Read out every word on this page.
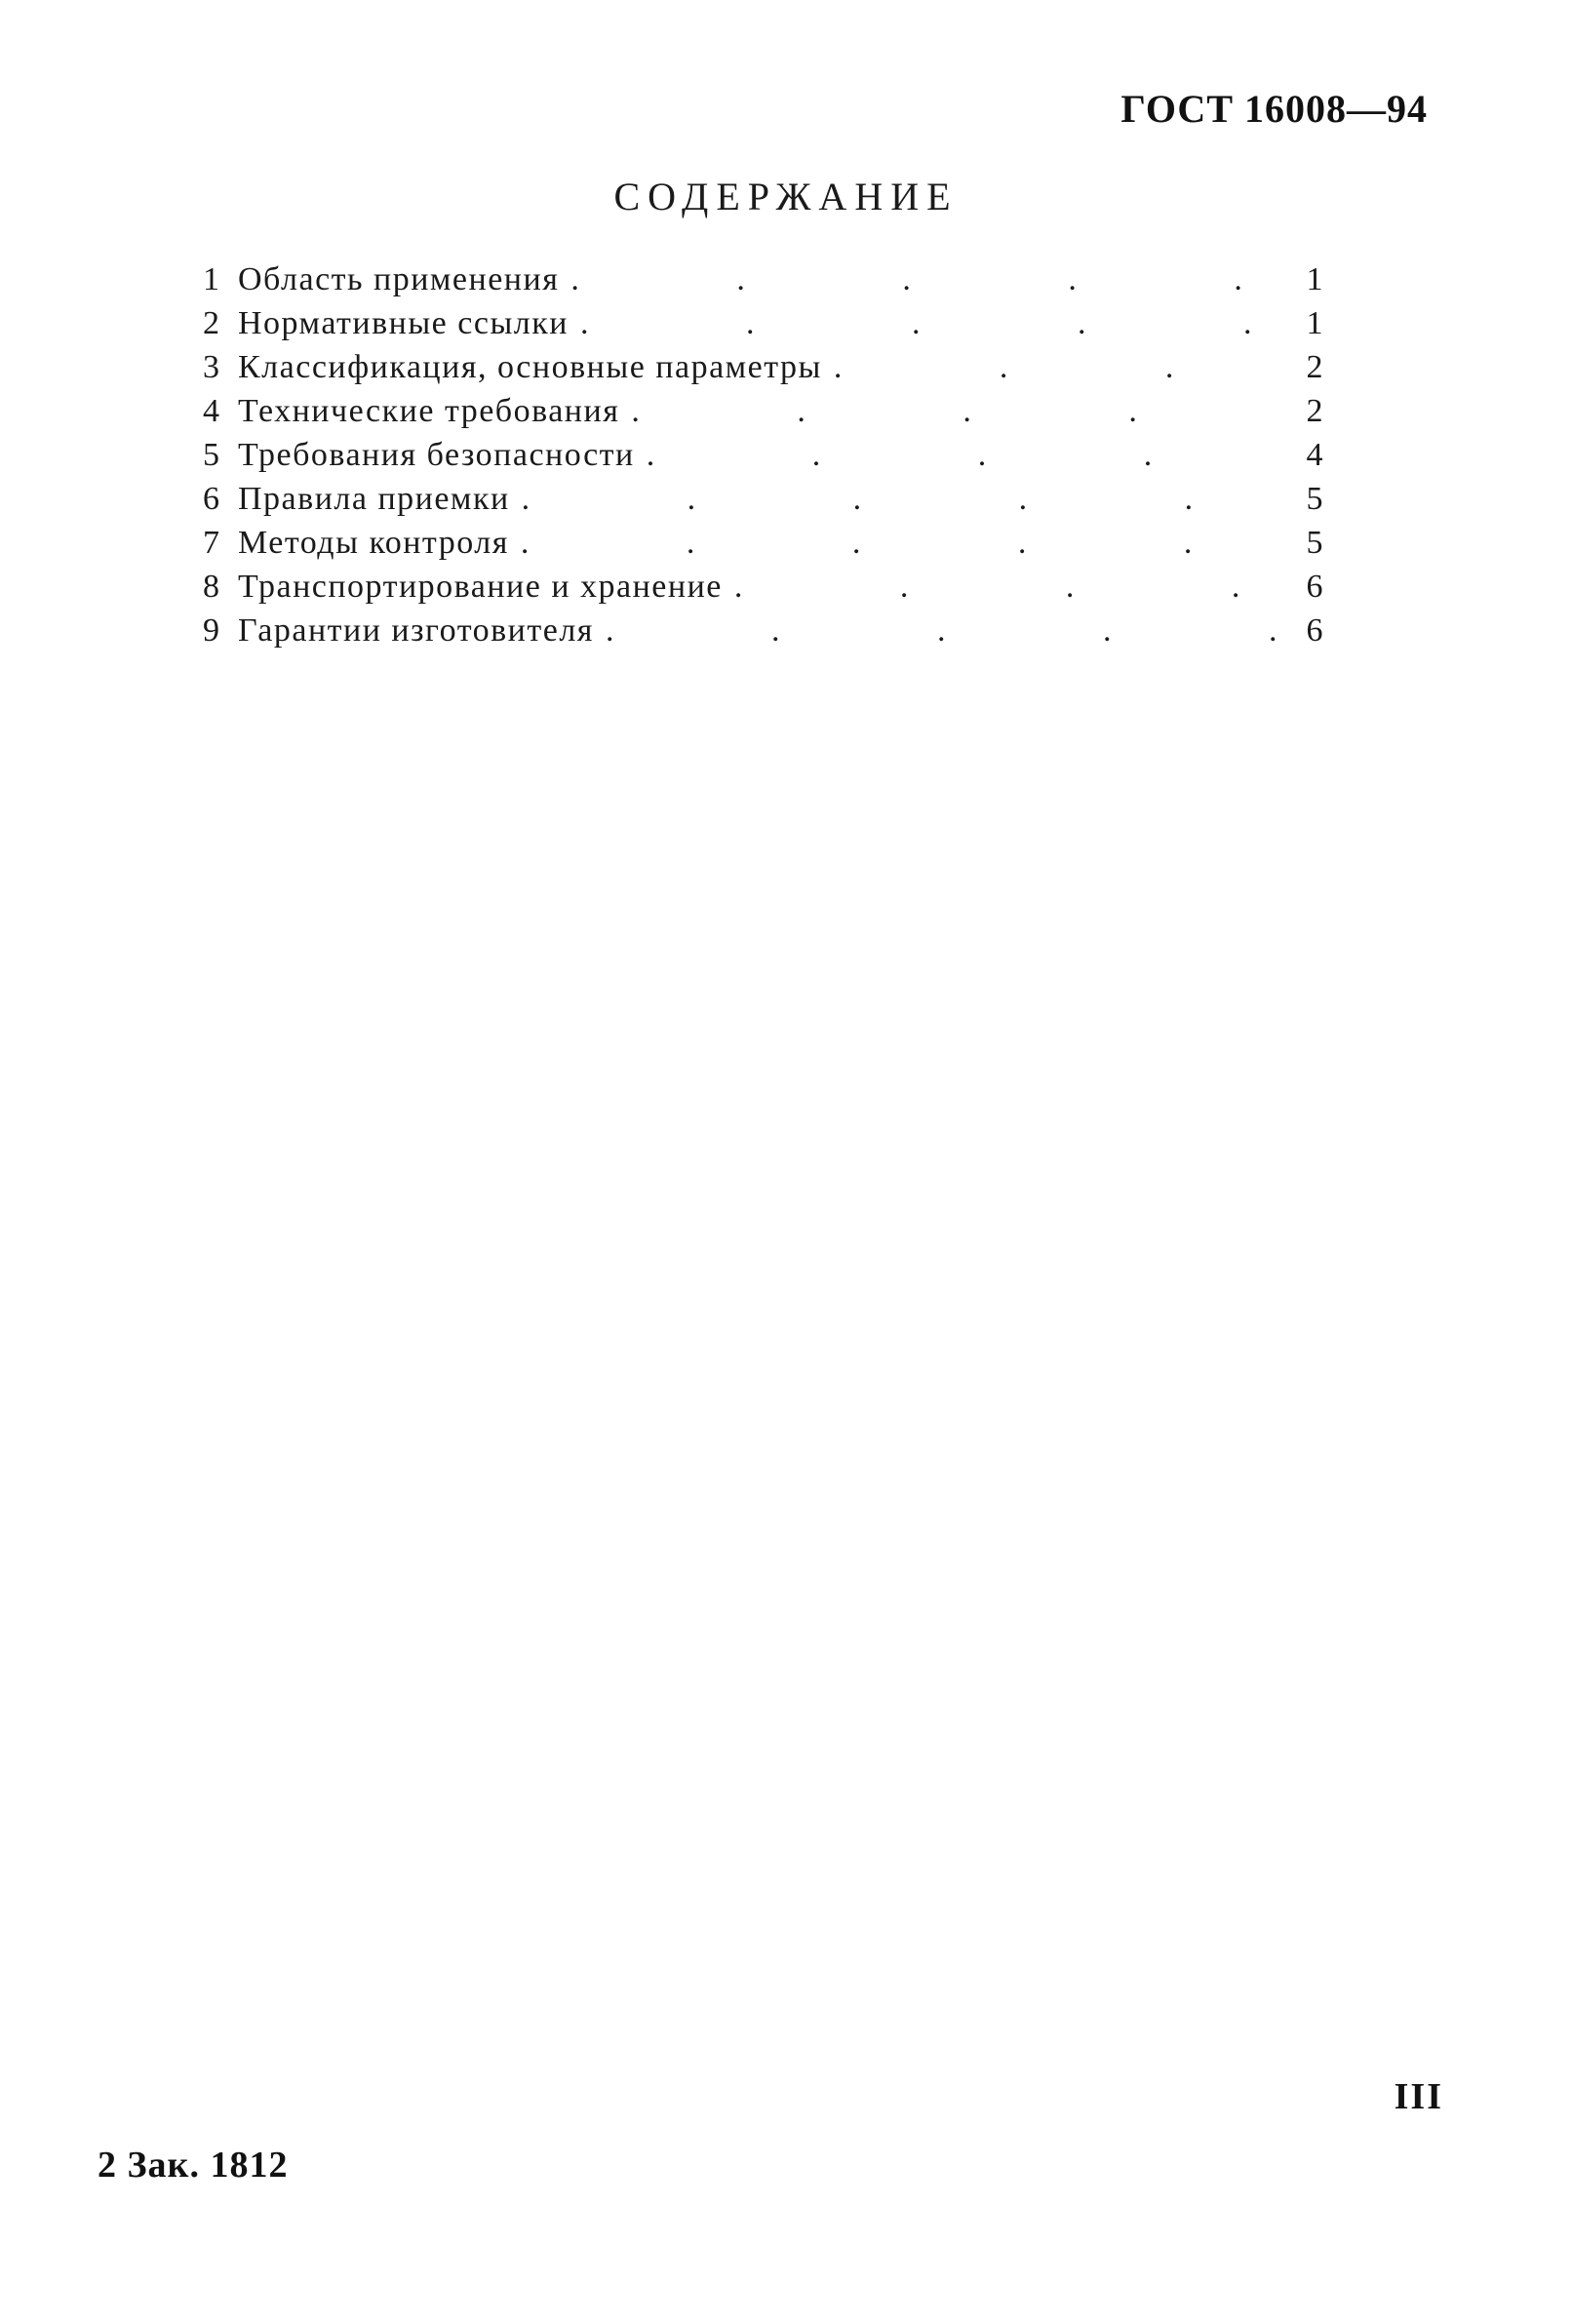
ГОСТ 16008—94
СОДЕРЖАНИЕ
1 Область применения .	1
2 Нормативные ссылки .	1
3 Классификация, основные параметры .	2
4 Технические требования .	2
5 Требования безопасности .	4
6 Правила приемки .	5
7 Методы контроля .	5
8 Транспортирование и хранение .	6
9 Гарантии изготовителя .	6
III
2 Зак. 1812
